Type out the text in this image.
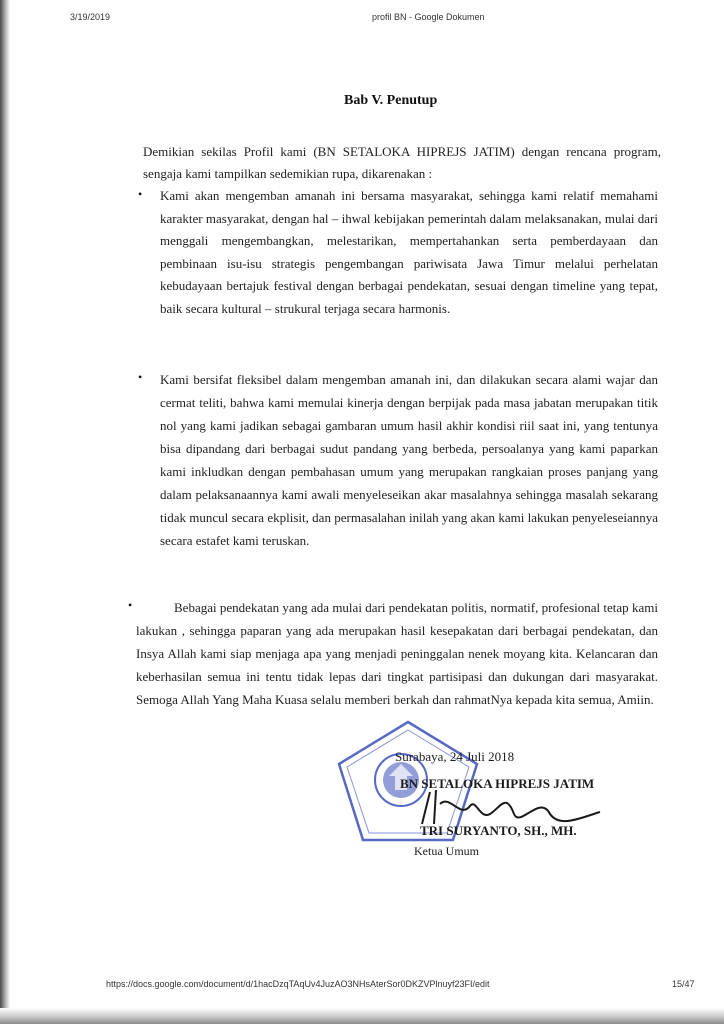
3/19/2019	profil BN - Google Dokumen
Bab V. Penutup

Demikian sekilas Profil kami (BN SETALOKA HIPREJS JATIM) dengan rencana program, sengaja kami tampilkan sedemikian rupa, dikarenakan :

• Kami akan mengemban amanah ini bersama masyarakat, sehingga kami relatif memahami karakter masyarakat, dengan hal – ihwal kebijakan pemerintah dalam melaksanakan, mulai dari menggali mengembangkan, melestarikan, mempertahankan serta pemberdayaan dan pembinaan isu-isu strategis pengembangan pariwisata Jawa Timur melalui perhelatan kebudayaan bertajuk festival dengan berbagai pendekatan, sesuai dengan timeline yang tepat, baik secara kultural – strukural terjaga secara harmonis.

• Kami bersifat fleksibel dalam mengemban amanah ini, dan dilakukan secara alami wajar dan cermat teliti, bahwa kami memulai kinerja dengan berpijak pada masa jabatan merupakan titik nol yang kami jadikan sebagai gambaran umum hasil akhir kondisi riil saat ini, yang tentunya bisa dipandang dari berbagai sudut pandang yang berbeda, persoalanya yang kami paparkan kami inkludkan dengan pembahasan umum yang merupakan rangkaian proses panjang yang dalam pelaksanaannya kami awali menyeleseikan akar masalahnya sehingga masalah sekarang tidak muncul secara ekplisit, dan permasalahan inilah yang akan kami lakukan penyeleseiannya secara estafet kami teruskan.

•	Bebagai pendekatan yang ada mulai dari pendekatan politis, normatif, profesional tetap kami lakukan , sehingga paparan yang ada merupakan hasil kesepakatan dari berbagai pendekatan, dan Insya Allah kami siap menjaga apa yang menjadi peninggalan nenek moyang kita. Kelancaran dan keberhasilan semua ini tentu tidak lepas dari tingkat partisipasi dan dukungan dari masyarakat. Semoga Allah Yang Maha Kuasa selalu memberi berkah dan rahmatNya kepada kita semua, Amiin.

Surabaya, 24 Juli 2018
BN SETALOKA HIPREJS JATIM
TRI SURYANTO, SH., MH.
Ketua Umum
https://docs.google.com/document/d/1hacDzqTAqUv4JuzAO3NHsAterSor0DKZVPlnuyf23FI/edit	15/47
